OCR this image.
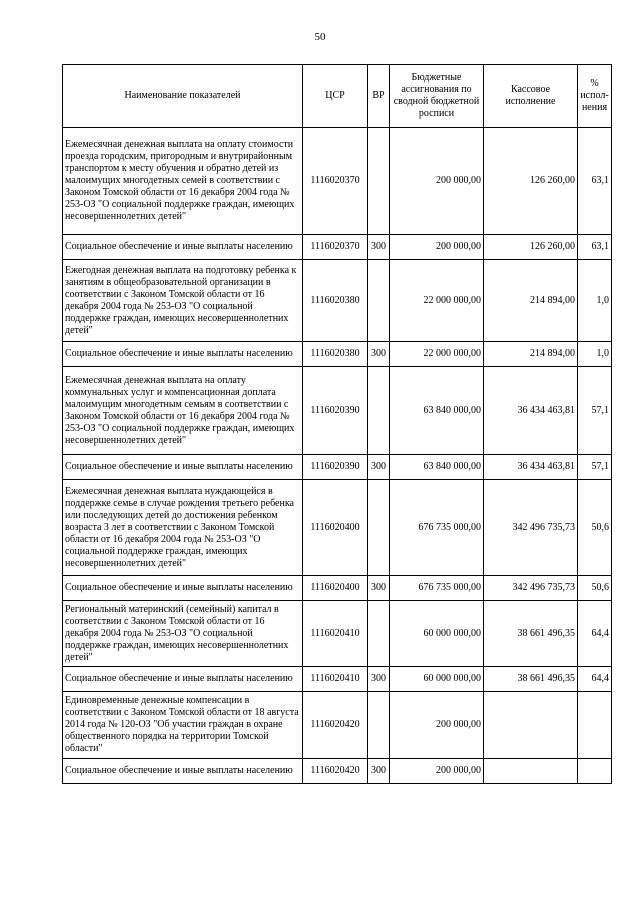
50
Наименование показателей	ЦСР	ВР	Бюджетные ассигнования по сводной бюджетной росписи	Кассовое исполнение	% испол-нения
Ежемесячная денежная выплата на оплату стоимости проезда городским, пригородным и внутрирайонным транспортом к месту обучения и обратно детей из малоимущих многодетных семей в соответствии с Законом Томской области от 16 декабря 2004 года № 253-ОЗ "О социальной поддержке граждан, имеющих несовершеннолетних детей"	1116020370		200 000,00	126 260,00	63,1
Социальное обеспечение и иные выплаты населению	1116020370	300	200 000,00	126 260,00	63,1
Ежегодная денежная выплата на подготовку ребенка к занятиям в общеобразовательной организации в соответствии с Законом Томской области от 16 декабря 2004 года № 253-ОЗ "О социальной поддержке граждан, имеющих несовершеннолетних детей"	1116020380		22 000 000,00	214 894,00	1,0
Социальное обеспечение и иные выплаты населению	1116020380	300	22 000 000,00	214 894,00	1,0
Ежемесячная денежная выплата на оплату коммунальных услуг и компенсационная доплата малоимущим многодетным семьям в соответствии с Законом Томской области от 16 декабря 2004 года № 253-ОЗ "О социальной поддержке граждан, имеющих несовершеннолетних детей"	1116020390		63 840 000,00	36 434 463,81	57,1
Социальное обеспечение и иные выплаты населению	1116020390	300	63 840 000,00	36 434 463,81	57,1
Ежемесячная денежная выплата нуждающейся в поддержке семье в случае рождения третьего ребенка или последующих детей до достижения ребенком возраста 3 лет в соответствии с Законом Томской области от 16 декабря 2004 года № 253-ОЗ "О социальной поддержке граждан, имеющих несовершеннолетних детей"	1116020400		676 735 000,00	342 496 735,73	50,6
Социальное обеспечение и иные выплаты населению	1116020400	300	676 735 000,00	342 496 735,73	50,6
Региональный материнский (семейный) капитал в соответствии с Законом Томской области от 16 декабря 2004 года № 253-ОЗ "О социальной поддержке граждан, имеющих несовершеннолетних детей"	1116020410		60 000 000,00	38 661 496,35	64,4
Социальное обеспечение и иные выплаты населению	1116020410	300	60 000 000,00	38 661 496,35	64,4
Единовременные денежные компенсации в соответствии с Законом Томской области от 18 августа 2014 года № 120-ОЗ "Об участии граждан в охране общественного порядка на территории Томской области"	1116020420		200 000,00		
Социальное обеспечение и иные выплаты населению	1116020420	300	200 000,00		
